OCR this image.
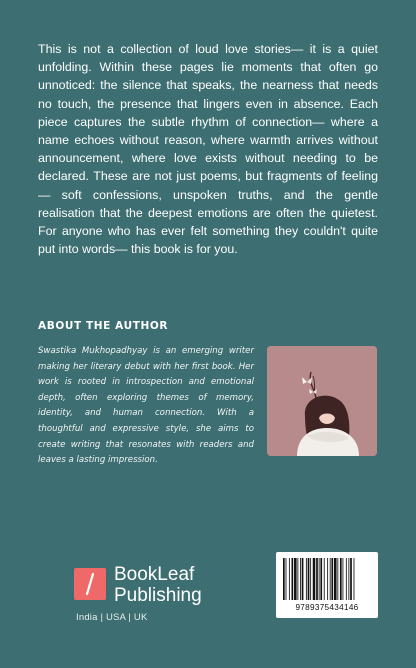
This is not a collection of loud love stories— it is a quiet unfolding. Within these pages lie moments that often go unnoticed: the silence that speaks, the nearness that needs no touch, the presence that lingers even in absence. Each piece captures the subtle rhythm of connection— where a name echoes without reason, where warmth arrives without announcement, where love exists without needing to be declared. These are not just poems, but fragments of feeling— soft confessions, unspoken truths, and the gentle realisation that the deepest emotions are often the quietest. For anyone who has ever felt something they couldn't quite put into words— this book is for you.

ABOUT THE AUTHOR

Swastika Mukhopadhyay is an emerging writer making her literary debut with her first book. Her work is rooted in introspection and emotional depth, often exploring themes of memory, identity, and human connection. With a thoughtful and expressive style, she aims to create writing that resonates with readers and leaves a lasting impression.

BookLeaf
Publishing
India | USA | UK
9789375434146
